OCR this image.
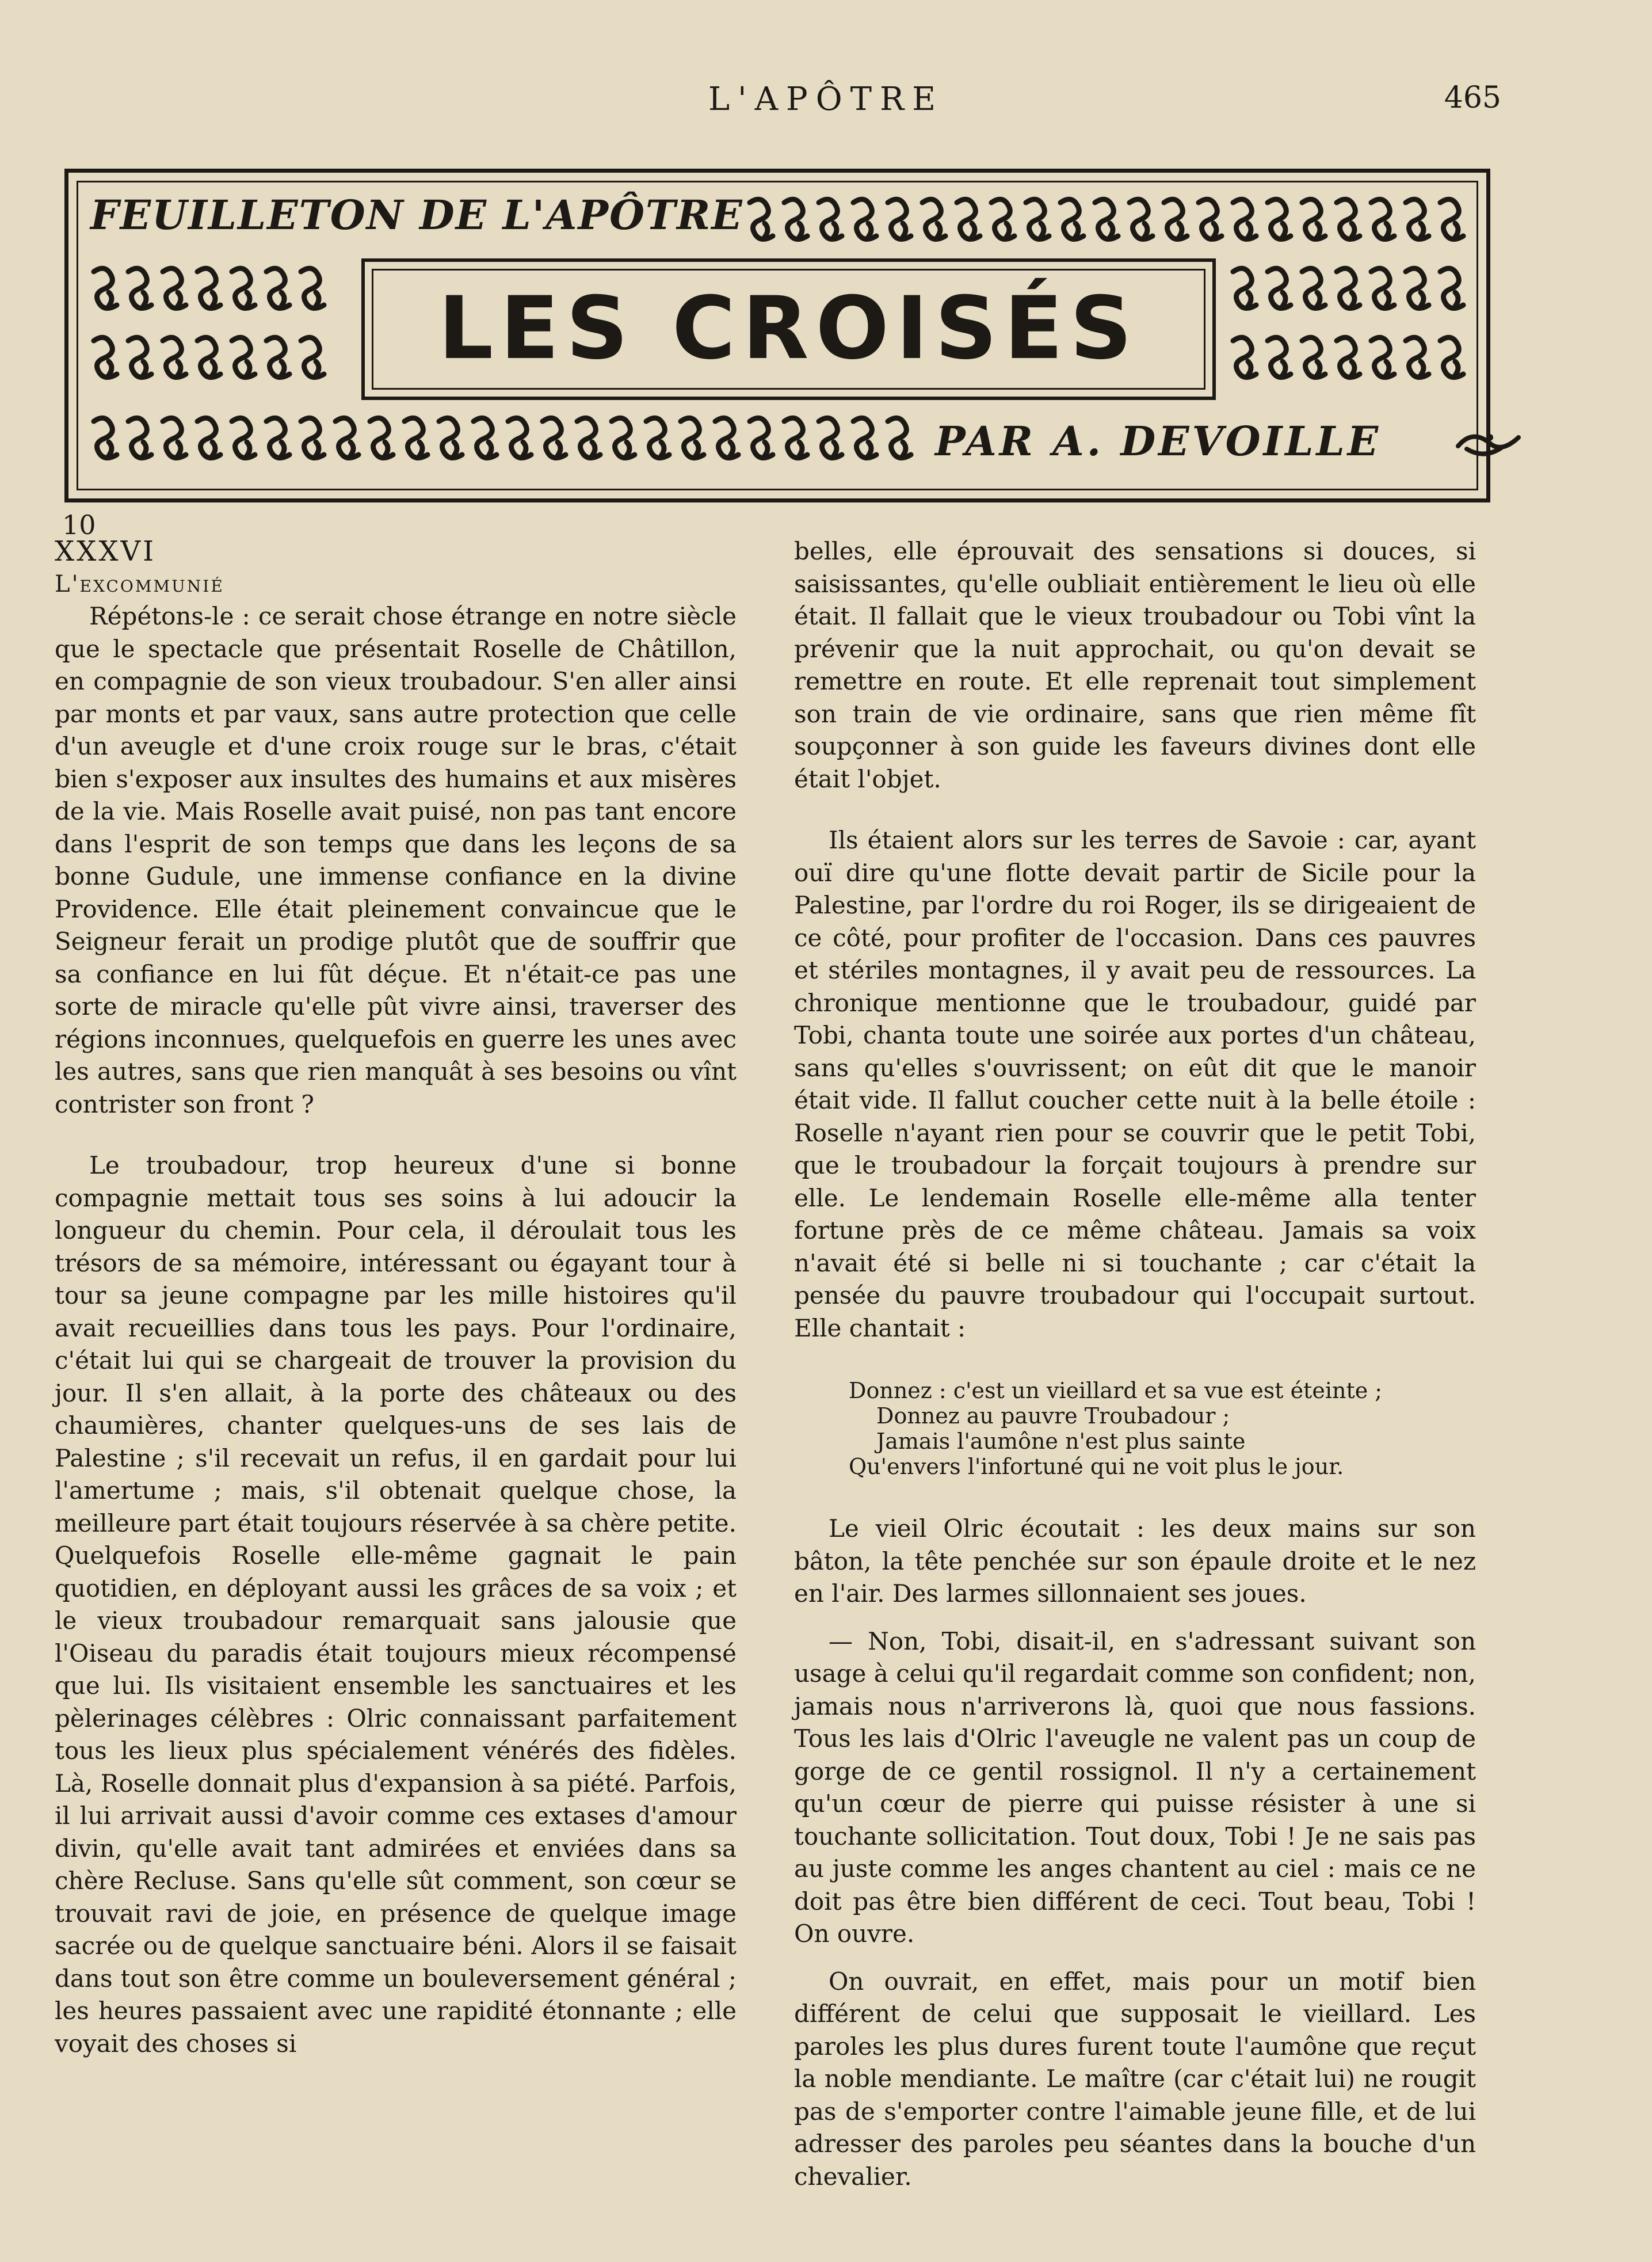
L'APÔTRE	465
FEUILLETON DE L'APÔTRE
LES CROISÉS
PAR A. DEVOILLE
10

XXXVI

L'excommunié

Répétons-le : ce serait chose étrange en notre siècle que le spectacle que présentait Roselle de Châtillon, en compagnie de son vieux troubadour. S'en aller ainsi par monts et par vaux, sans autre protection que celle d'un aveugle et d'une croix rouge sur le bras, c'était bien s'exposer aux insultes des humains et aux misères de la vie. Mais Roselle avait puisé, non pas tant encore dans l'esprit de son temps que dans les leçons de sa bonne Gudule, une immense confiance en la divine Providence. Elle était pleinement convaincue que le Seigneur ferait un prodige plutôt que de souffrir que sa confiance en lui fût déçue. Et n'était-ce pas une sorte de miracle qu'elle pût vivre ainsi, traverser des régions inconnues, quelquefois en guerre les unes avec les autres, sans que rien manquât à ses besoins ou vînt contrister son front ?

Le troubadour, trop heureux d'une si bonne compagnie mettait tous ses soins à lui adoucir la longueur du chemin. Pour cela, il déroulait tous les trésors de sa mémoire, intéressant ou égayant tour à tour sa jeune compagne par les mille histoires qu'il avait recueillies dans tous les pays. Pour l'ordinaire, c'était lui qui se chargeait de trouver la provision du jour. Il s'en allait, à la porte des châteaux ou des chaumières, chanter quelques-uns de ses lais de Palestine ; s'il recevait un refus, il en gardait pour lui l'amertume ; mais, s'il obtenait quelque chose, la meilleure part était toujours réservée à sa chère petite. Quelquefois Roselle elle-même gagnait le pain quotidien, en déployant aussi les grâces de sa voix ; et le vieux troubadour remarquait sans jalousie que l'Oiseau du paradis était toujours mieux récompensé que lui. Ils visitaient ensemble les sanctuaires et les pèlerinages célèbres : Olric connaissant parfaitement tous les lieux plus spécialement vénérés des fidèles. Là, Roselle donnait plus d'expansion à sa piété. Parfois, il lui arrivait aussi d'avoir comme ces extases d'amour divin, qu'elle avait tant admirées et enviées dans sa chère Recluse. Sans qu'elle sût comment, son cœur se trouvait ravi de joie, en présence de quelque image sacrée ou de quelque sanctuaire béni. Alors il se faisait dans tout son être comme un bouleversement général ; les heures passaient avec une rapidité étonnante ; elle voyait des choses si

belles, elle éprouvait des sensations si douces, si saisissantes, qu'elle oubliait entièrement le lieu où elle était. Il fallait que le vieux troubadour ou Tobi vînt la prévenir que la nuit approchait, ou qu'on devait se remettre en route. Et elle reprenait tout simplement son train de vie ordinaire, sans que rien même fît soupçonner à son guide les faveurs divines dont elle était l'objet.

Ils étaient alors sur les terres de Savoie : car, ayant ouï dire qu'une flotte devait partir de Sicile pour la Palestine, par l'ordre du roi Roger, ils se dirigeaient de ce côté, pour profiter de l'occasion. Dans ces pauvres et stériles montagnes, il y avait peu de ressources. La chronique mentionne que le troubadour, guidé par Tobi, chanta toute une soirée aux portes d'un château, sans qu'elles s'ouvrissent; on eût dit que le manoir était vide. Il fallut coucher cette nuit à la belle étoile : Roselle n'ayant rien pour se couvrir que le petit Tobi, que le troubadour la forçait toujours à prendre sur elle. Le lendemain Roselle elle-même alla tenter fortune près de ce même château. Jamais sa voix n'avait été si belle ni si touchante ; car c'était la pensée du pauvre troubadour qui l'occupait surtout. Elle chantait :

Donnez : c'est un vieillard et sa vue est éteinte ;
Donnez au pauvre Troubadour ;
Jamais l'aumône n'est plus sainte
Qu'envers l'infortuné qui ne voit plus le jour.

Le vieil Olric écoutait : les deux mains sur son bâton, la tête penchée sur son épaule droite et le nez en l'air. Des larmes sillonnaient ses joues.

— Non, Tobi, disait-il, en s'adressant suivant son usage à celui qu'il regardait comme son confident; non, jamais nous n'arriverons là, quoi que nous fassions. Tous les lais d'Olric l'aveugle ne valent pas un coup de gorge de ce gentil rossignol. Il n'y a certainement qu'un cœur de pierre qui puisse résister à une si touchante sollicitation. Tout doux, Tobi ! Je ne sais pas au juste comme les anges chantent au ciel : mais ce ne doit pas être bien différent de ceci. Tout beau, Tobi ! On ouvre.

On ouvrait, en effet, mais pour un motif bien différent de celui que supposait le vieillard. Les paroles les plus dures furent toute l'aumône que reçut la noble mendiante. Le maître (car c'était lui) ne rougit pas de s'emporter contre l'aimable jeune fille, et de lui adresser des paroles peu séantes dans la bouche d'un chevalier.
